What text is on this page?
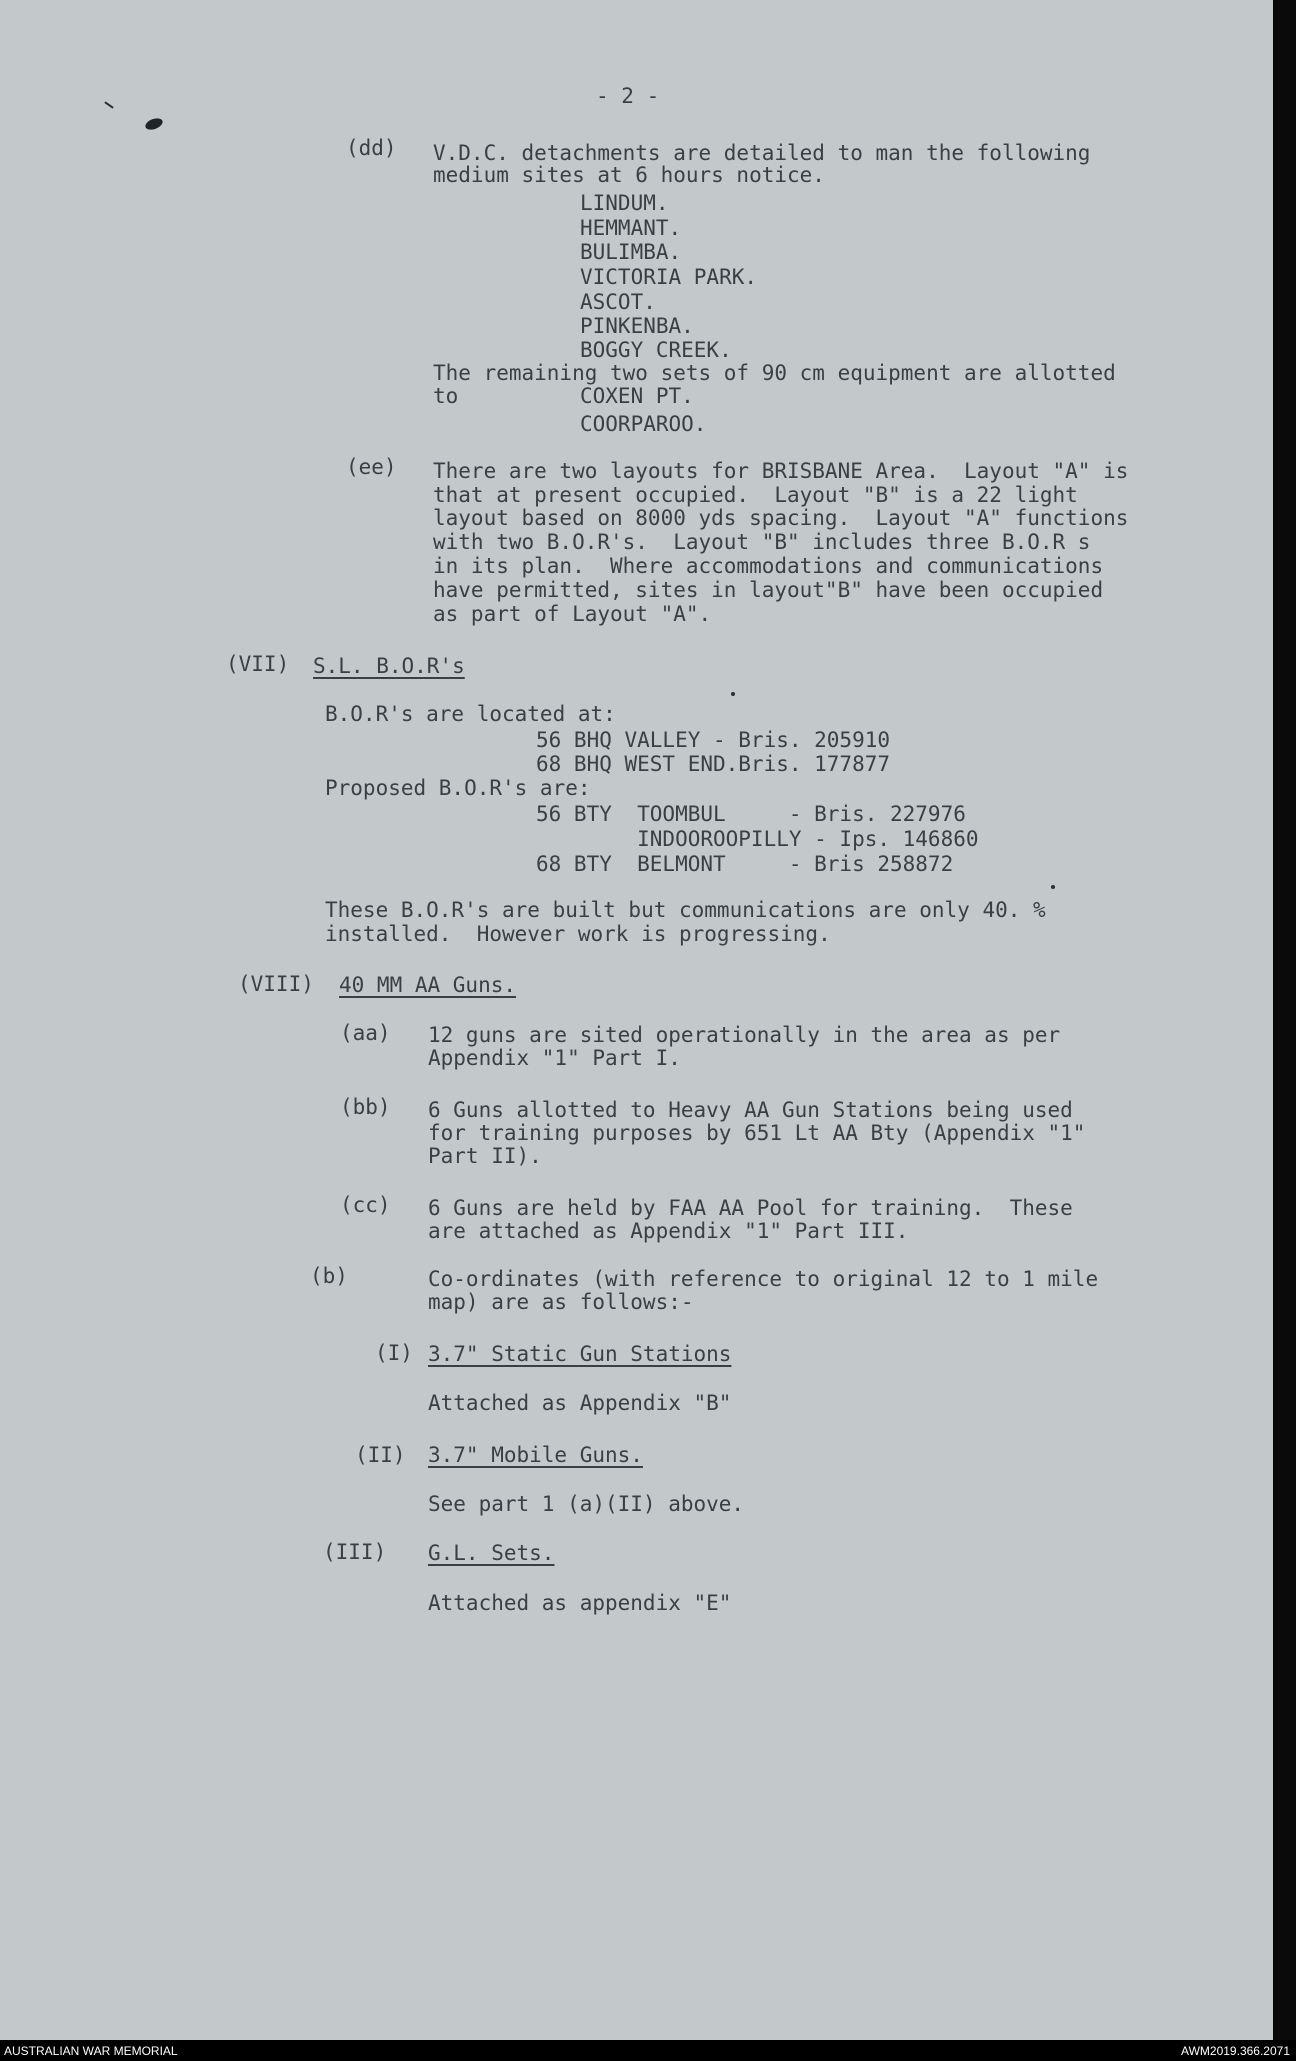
- 2 -
(dd) V.D.C. detachments are detailed to man the following
medium sites at 6 hours notice.
LINDUM.
HEMMANT.
BULIMBA.
VICTORIA PARK.
ASCOT.
PINKENBA.
BOGGY CREEK.
The remaining two sets of 90 cm equipment are allotted
to	COXEN PT.
COORPAROO.
(ee) There are two layouts for BRISBANE Area.  Layout "A" is
that at present occupied.  Layout "B" is a 22 light
layout based on 8000 yds spacing.  Layout "A" functions
with two B.O.R's.  Layout "B" includes three B.O.R s
in its plan.  Where accommodations and communications
have permitted, sites in layout"B" have been occupied
as part of Layout "A".
(VII) S.L. B.O.R's
B.O.R's are located at:
56 BHQ VALLEY - Bris. 205910
68 BHQ WEST END.Bris. 177877
Proposed B.O.R's are:
56 BTY  TOOMBUL     - Bris. 227976
INDOOROOPILLY - Ips. 146860
68 BTY  BELMONT     - Bris 258872
These B.O.R's are built but communications are only 40. %
installed.  However work is progressing.
(VIII) 40 MM AA Guns.
(aa) 12 guns are sited operationally in the area as per
Appendix "1" Part I.
(bb) 6 Guns allotted to Heavy AA Gun Stations being used
for training purposes by 651 Lt AA Bty (Appendix "1"
Part II).
(cc) 6 Guns are held by FAA AA Pool for training.  These
are attached as Appendix "1" Part III.
(b)	Co-ordinates (with reference to original 12 to 1 mile
map) are as follows:-
(I) 3.7" Static Gun Stations
Attached as Appendix "B"
(II) 3.7" Mobile Guns.
See part 1 (a)(II) above.
(III) G.L. Sets.
Attached as appendix "E"
AUSTRALIAN WAR MEMORIAL	AWM2019.366.2071
